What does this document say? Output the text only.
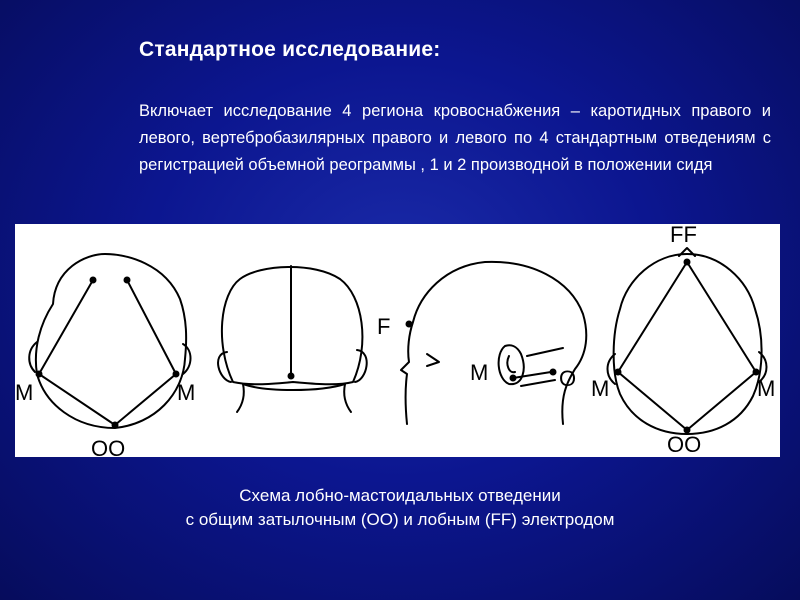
Стандартное исследование:

Включает исследование 4 региона кровоснабжения – каротидных правого и левого, вертебробазилярных правого и левого по 4 стандартным отведениям с регистрацией объемной реограммы , 1 и 2 производной в положении сидя

M	M
OO
F
M	O
FF
M	M
OO
Схема лобно-мастоидальных отведении
с общим затылочным (ОО) и лобным (FF) электродом
